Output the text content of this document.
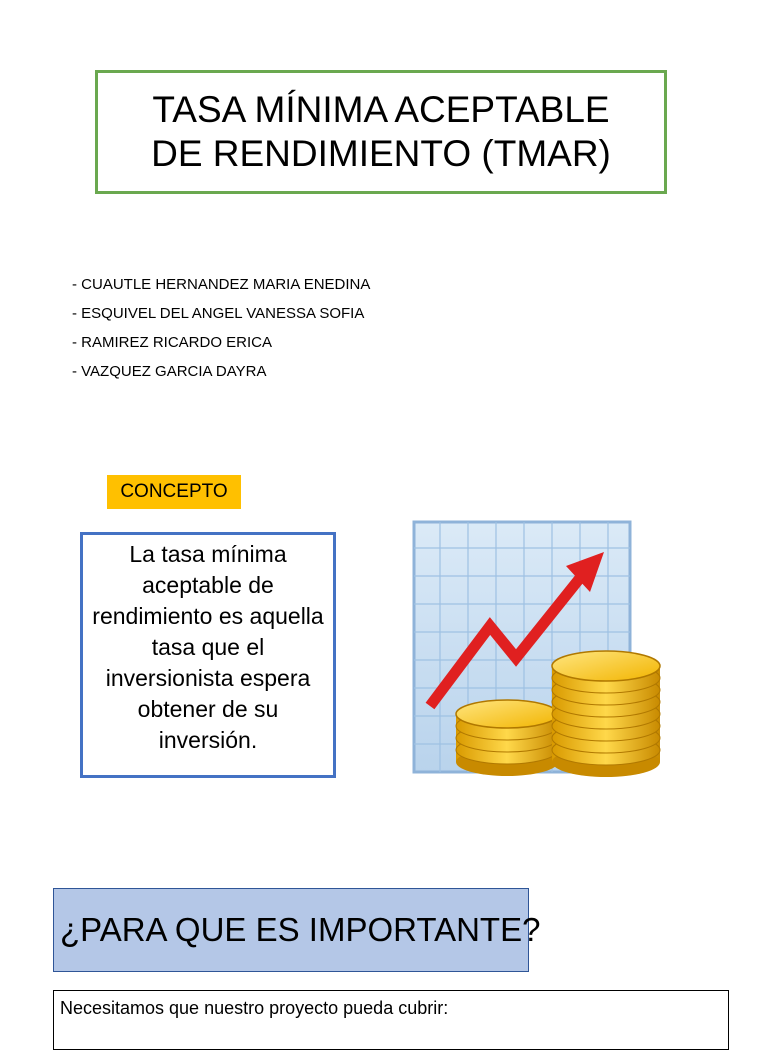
TASA MÍNIMA ACEPTABLE
DE RENDIMIENTO (TMAR)
- CUAUTLE HERNANDEZ MARIA ENEDINA
- ESQUIVEL DEL ANGEL VANESSA SOFIA
- RAMIREZ RICARDO ERICA
- VAZQUEZ GARCIA DAYRA
CONCEPTO
La tasa mínima aceptable de rendimiento es aquella tasa que el inversionista espera obtener de su inversión.
¿PARA QUE ES IMPORTANTE?
Necesitamos que nuestro proyecto pueda cubrir:
